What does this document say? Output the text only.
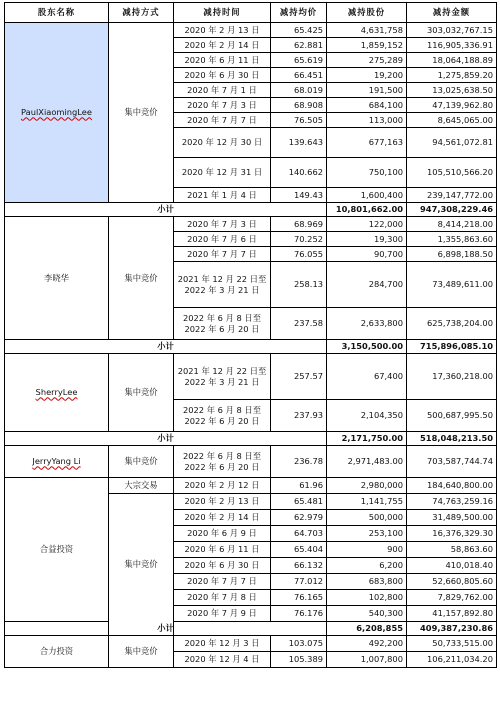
股东名称	减持方式	减持时间	减持均价	减持股份	减持金额
PaulXiaomingLee	集中竞价	2020 年 2 月 13 日	65.425	4,631,758	303,032,767.15
		2020 年 2 月 14 日	62.881	1,859,152	116,905,336.91
		2020 年 6 月 11 日	65.619	275,289	18,064,188.89
		2020 年 6 月 30 日	66.451	19,200	1,275,859.20
		2020 年 7 月 1 日	68.019	191,500	13,025,638.50
		2020 年 7 月 3 日	68.908	684,100	47,139,962.80
		2020 年 7 月 7 日	76.505	113,000	8,645,065.00
		2020 年 12 月 30 日	139.643	677,163	94,561,072.81
		2020 年 12 月 31 日	140.662	750,100	105,510,566.20
		2021 年 1 月 4 日	149.43	1,600,400	239,147,772.00
小计				10,801,662.00	947,308,229.46
李晓华	集中竞价	2020 年 7 月 3 日	68.969	122,000	8,414,218.00
		2020 年 7 月 6 日	70.252	19,300	1,355,863.60
		2020 年 7 月 7 日	76.055	90,700	6,898,188.50
		2021 年 12 月 22 日至 2022 年 3 月 21 日	258.13	284,700	73,489,611.00
		2022 年 6 月 8 日至 2022 年 6 月 20 日	237.58	2,633,800	625,738,204.00
小计				3,150,500.00	715,896,085.10
SherryLee	集中竞价	2021 年 12 月 22 日至 2022 年 3 月 21 日	257.57	67,400	17,360,218.00
		2022 年 6 月 8 日至 2022 年 6 月 20 日	237.93	2,104,350	500,687,995.50
小计				2,171,750.00	518,048,213.50
JerryYang Li	集中竞价	2022 年 6 月 8 日至 2022 年 6 月 20 日	236.78	2,971,483.00	703,587,744.74
合益投资	大宗交易	2020 年 2 月 12 日	61.96	2,980,000	184,640,800.00
	集中竞价	2020 年 2 月 13 日	65.481	1,141,755	74,763,259.16
		2020 年 2 月 14 日	62.979	500,000	31,489,500.00
		2020 年 6 月 9 日	64.703	253,100	16,376,329.30
		2020 年 6 月 11 日	65.404	900	58,863.60
		2020 年 6 月 30 日	66.132	6,200	410,018.40
		2020 年 7 月 7 日	77.012	683,800	52,660,805.60
		2020 年 7 月 8 日	76.165	102,800	7,829,762.00
		2020 年 7 月 9 日	76.176	540,300	41,157,892.80
小计				6,208,855	409,387,230.86
合力投资	集中竞价	2020 年 12 月 3 日	103.075	492,200	50,733,515.00
		2020 年 12 月 4 日	105.389	1,007,800	106,211,034.20
